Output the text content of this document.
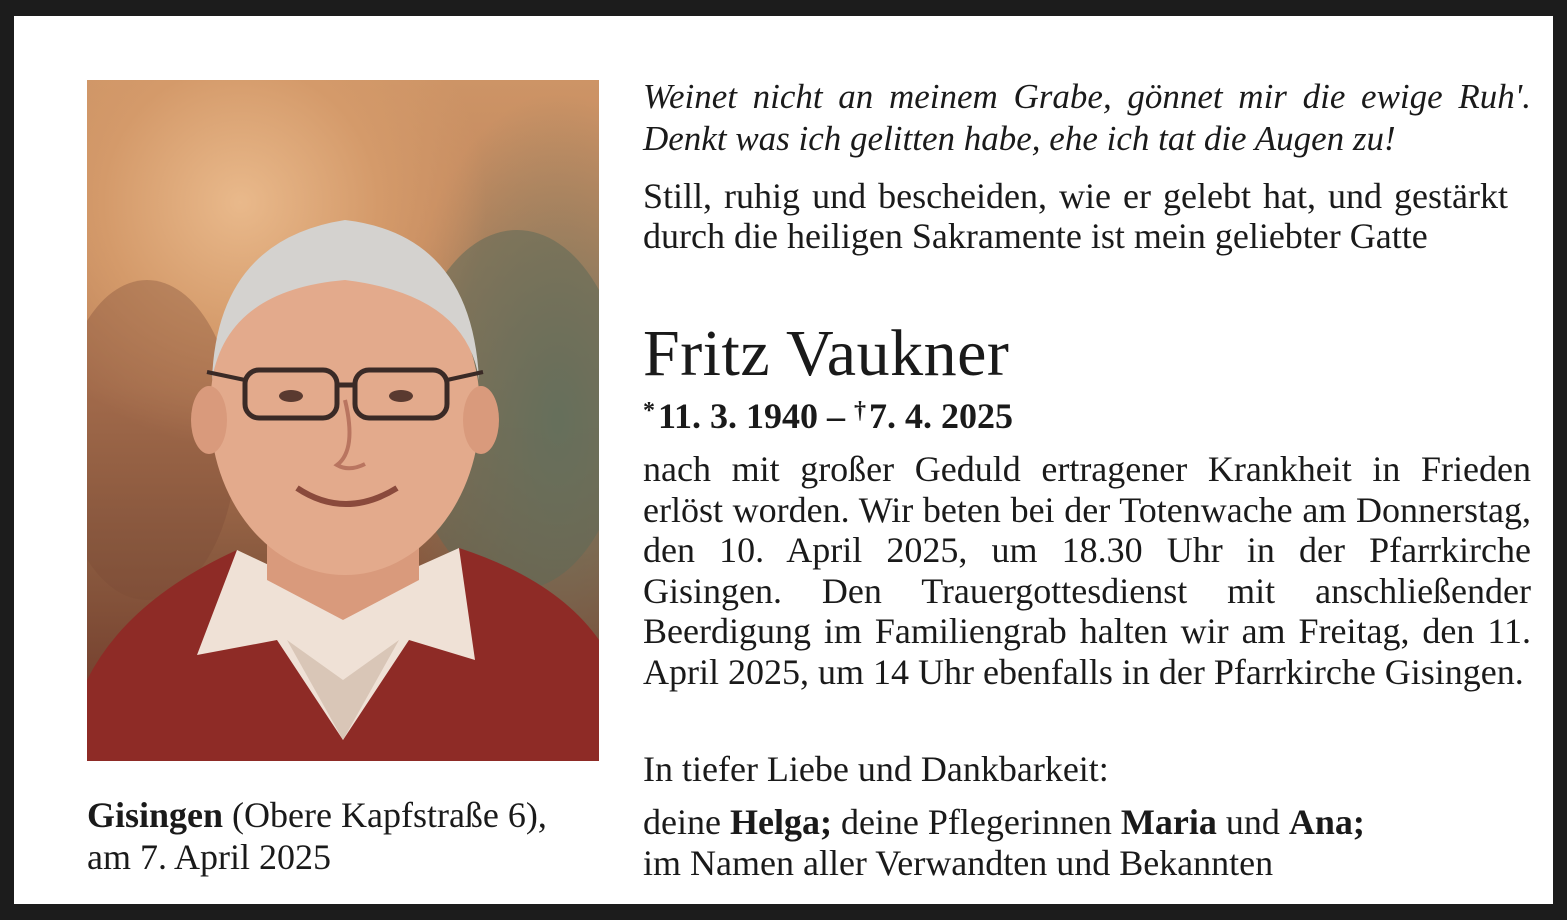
Gisingen (Obere Kapfstraße 6), am 7. April 2025
Weinet nicht an meinem Grabe, gönnet mir die ewige Ruh'. Denkt was ich gelitten habe, ehe ich tat die Augen zu!
Still, ruhig und bescheiden, wie er gelebt hat, und gestärkt durch die heiligen Sakramente ist mein geliebter Gatte
Fritz Vaukner
*11. 3. 1940 – †7. 4. 2025
nach mit großer Geduld ertragener Krankheit in Frieden erlöst worden. Wir beten bei der Totenwache am Donnerstag, den 10. April 2025, um 18.30 Uhr in der Pfarrkirche Gisingen. Den Trauergottesdienst mit anschließender Beerdigung im Familiengrab halten wir am Freitag, den 11. April 2025, um 14 Uhr ebenfalls in der Pfarrkirche Gisingen.
In tiefer Liebe und Dankbarkeit:
deine Helga; deine Pflegerinnen Maria und Ana;
im Namen aller Verwandten und Bekannten
